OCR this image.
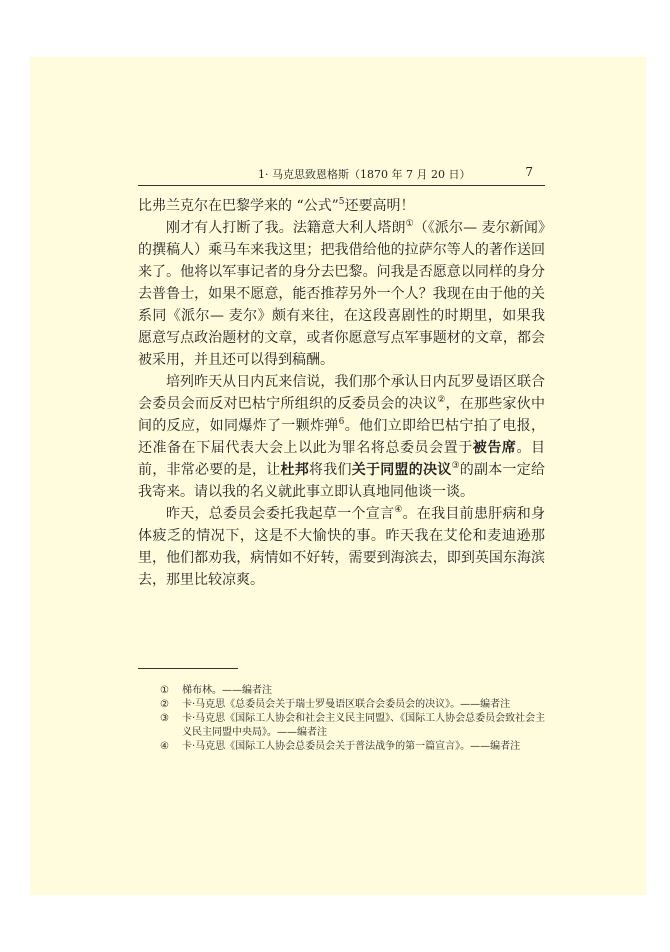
1· 马克思致恩格斯（1870 年 7 月 20 日）	7

比弗兰克尔在巴黎学来的 “公式”$^5$还要高明！

刚才有人打断了我。法籍意大利人塔朗①（《派尔— 麦尔新闻》的撰稿人）乘马车来我这里；把我借给他的拉萨尔等人的著作送回来了。他将以军事记者的身分去巴黎。问我是否愿意以同样的身分去普鲁士，如果不愿意，能否推荐另外一个人？我现在由于他的关系同《派尔— 麦尔》颇有来往，在这段喜剧性的时期里，如果我愿意写点政治题材的文章，或者你愿意写点军事题材的文章，都会被采用，并且还可以得到稿酬。

培列昨天从日内瓦来信说，我们那个承认日内瓦罗曼语区联合会委员会而反对巴枯宁所组织的反委员会的决议②，在那些家伙中间的反应，如同爆炸了一颗炸弹$^6$。他们立即给巴枯宁拍了电报，还准备在下届代表大会上以此为罪名将总委员会置于被告席。目前，非常必要的是，让杜邦将我们关于同盟的决议③的副本一定给我寄来。请以我的名义就此事立即认真地同他谈一谈。

昨天，总委员会委托我起草一个宣言④。在我目前患肝病和身体疲乏的情况下，这是不大愉快的事。昨天我在艾伦和麦迪逊那里，他们都劝我，病情如不好转，需要到海滨去，即到英国东海滨去，那里比较凉爽。

① 梯布林。——编者注

② 卡·马克思《总委员会关于瑞士罗曼语区联合会委员会的决议》。——编者注

③ 卡·马克思《国际工人协会和社会主义民主同盟》、《国际工人协会总委员会致社会主义民主同盟中央局》。——编者注

④ 卡·马克思《国际工人协会总委员会关于普法战争的第一篇宣言》。——编者注
